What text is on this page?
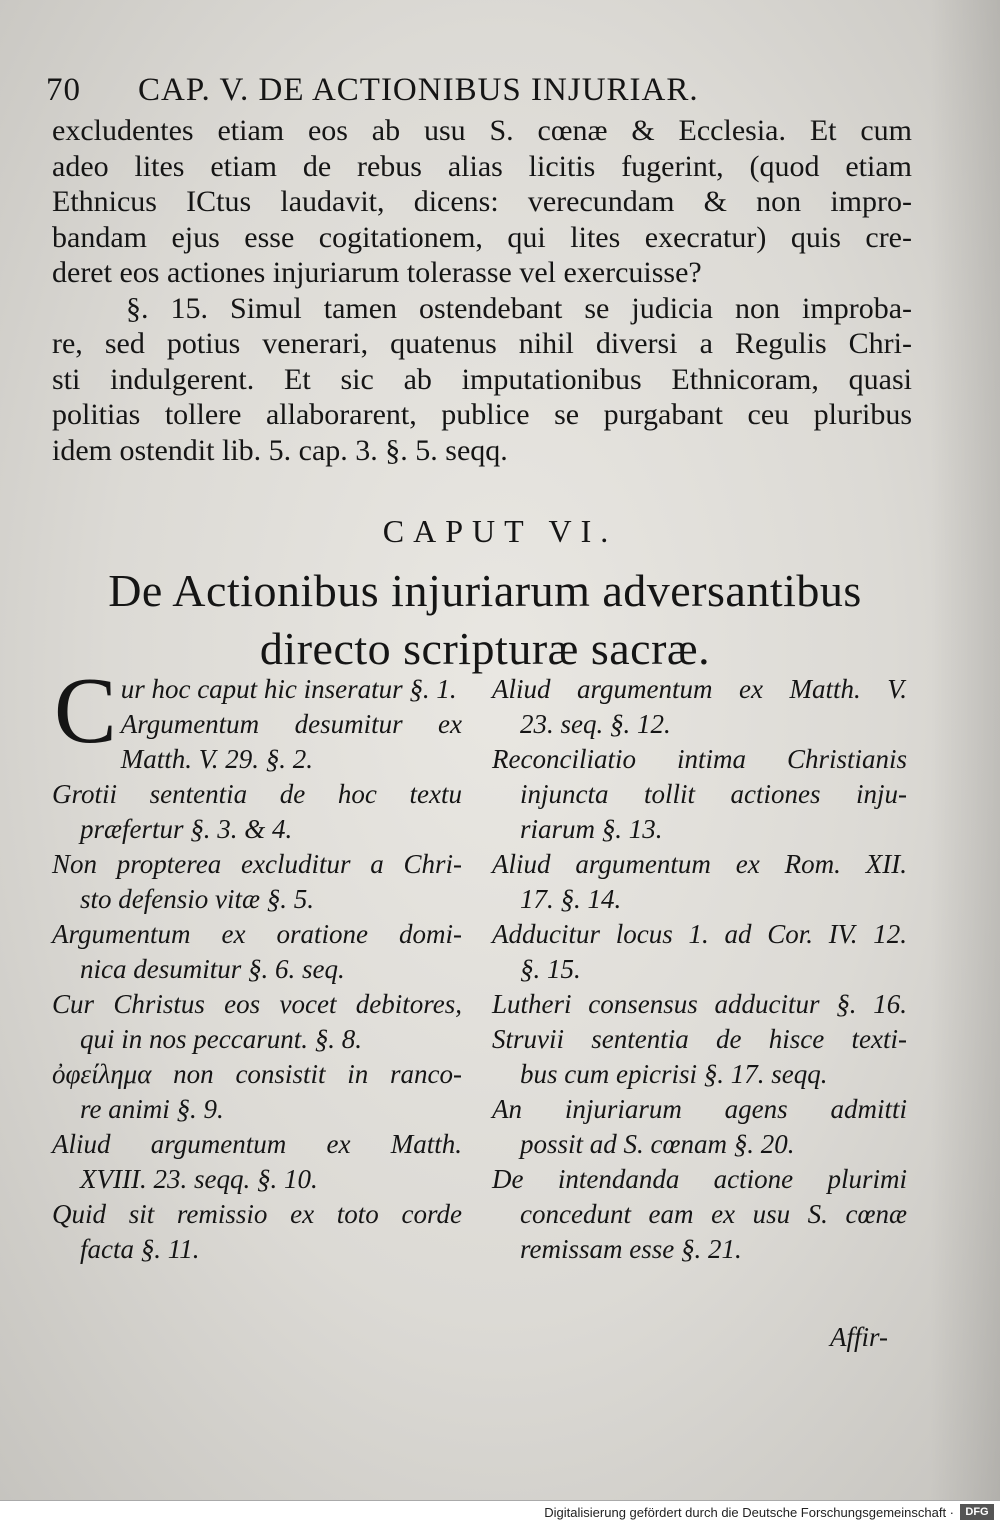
70 CAP. V. DE ACTIONIBUS INJURIAR.
excludentes etiam eos ab usu S. cœnæ & Ecclesia. Et cum
adeo lites etiam de rebus alias licitis fugerint, (quod etiam
Ethnicus ICtus laudavit, dicens: verecundam & non impro-
bandam ejus esse cogitationem, qui lites execratur) quis cre-
deret eos actiones injuriarum tolerasse vel exercuisse?
§. 15. Simul tamen ostendebant se judicia non improba-
re, sed potius venerari, quatenus nihil diversi a Regulis Chri-
sti indulgerent. Et sic ab imputationibus Ethnicoram, quasi
politias tollere allaborarent, publice se purgabant ceu pluribus
idem ostendit lib. 5. cap. 3. §. 5. seqq.
CAPUT VI.
De Actionibus injuriarum adversantibus
directo scripturæ sacræ.
C ur hoc caput hic inseratur §. 1.
Argumentum desumitur ex
Matth. V. 29. §. 2.
Grotii sententia de hoc textu
præfertur §. 3. & 4.
Non propterea excluditur a Chri-
sto defensio vitæ §. 5.
Argumentum ex oratione domi-
nica desumitur §. 6. seq.
Cur Christus eos vocet debitores,
qui in nos peccarunt. §. 8.
ὀφείλημα non consistit in ranco-
re animi §. 9.
Aliud argumentum ex Matth.
XVIII. 23. seqq. §. 10.
Quid sit remissio ex toto corde
facta §. 11.
Aliud argumentum ex Matth. V.
23. seq. §. 12.
Reconciliatio intima Christianis
injuncta tollit actiones inju-
riarum §. 13.
Aliud argumentum ex Rom. XII.
17. §. 14.
Adducitur locus 1. ad Cor. IV. 12.
§. 15.
Lutheri consensus adducitur §. 16.
Struvii sententia de hisce texti-
bus cum epicrisi §. 17. seqq.
An injuriarum agens admitti
possit ad S. cœnam §. 20.
De intendanda actione plurimi
concedunt eam ex usu S. cœnæ
remissam esse §. 21.
Affir-
Digitalisierung gefördert durch die Deutsche Forschungsgemeinschaft ·	DFG
